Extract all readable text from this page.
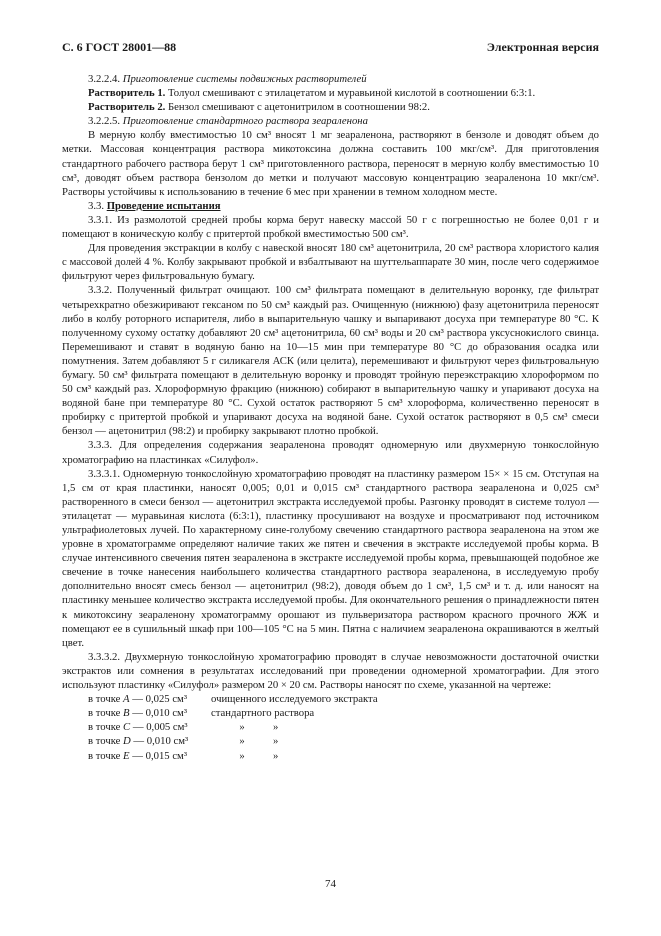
С. 6 ГОСТ 28001—88	Электронная версия

3.2.2.4. Приготовление системы подвижных растворителей

Растворитель 1. Толуол смешивают с этилацетатом и муравьиной кислотой в соотношении 6:3:1.

Растворитель 2. Бензол смешивают с ацетонитрилом в соотношении 98:2.

3.2.2.5. Приготовление стандартного раствора зеараленона

В мерную колбу вместимостью 10 см³ вносят 1 мг зеараленона, растворяют в бензоле и доводят объем до метки. Массовая концентрация раствора микотоксина должна составить 100 мкг/см³. Для приготовления стандартного рабочего раствора берут 1 см³ приготовленного раствора, переносят в мерную колбу вместимостью 10 см³, доводят объем раствора бензолом до метки и получают массовую концентрацию зеараленона 10 мкг/см³. Растворы устойчивы к использованию в течение 6 мес при хранении в темном холодном месте.

3.3. Проведение испытания

3.3.1. Из размолотой средней пробы корма берут навеску массой 50 г с погрешностью не более 0,01 г и помещают в коническую колбу с притертой пробкой вместимостью 500 см³.

Для проведения экстракции в колбу с навеской вносят 180 см³ ацетонитрила, 20 см³ раствора хлористого калия с массовой долей 4 %. Колбу закрывают пробкой и взбалтывают на шуттельаппарате 30 мин, после чего содержимое фильтруют через фильтровальную бумагу.

3.3.2. Полученный фильтрат очищают. 100 см³ фильтрата помещают в делительную воронку, где фильтрат четырехкратно обезжиривают гексаном по 50 см³ каждый раз. Очищенную (нижнюю) фазу ацетонитрила переносят либо в колбу роторного испарителя, либо в выпарительную чашку и выпаривают досуха при температуре 80 °С. К полученному сухому остатку добавляют 20 см³ ацетонитрила, 60 см³ воды и 20 см³ раствора уксуснокислого свинца. Перемешивают и ставят в водяную баню на 10—15 мин при температуре 80 °С до образования осадка или помутнения. Затем добавляют 5 г силикагеля АСК (или целита), перемешивают и фильтруют через фильтровальную бумагу. 50 см³ фильтрата помещают в делительную воронку и проводят тройную переэкстракцию хлороформом по 50 см³ каждый раз. Хлороформную фракцию (нижнюю) собирают в выпарительную чашку и упаривают досуха на водяной бане при температуре 80 °С. Сухой остаток растворяют 5 см³ хлороформа, количественно переносят в пробирку с притертой пробкой и упаривают досуха на водяной бане. Сухой остаток растворяют в 0,5 см³ смеси бензол — ацетонитрил (98:2) и пробирку закрывают плотно пробкой.

3.3.3. Для определения содержания зеараленона проводят одномерную или двухмерную тонкослойную хроматографию на пластинках «Силуфол».

3.3.3.1. Одномерную тонкослойную хроматографию проводят на пластинку размером 15× × 15 см. Отступая на 1,5 см от края пластинки, наносят 0,005; 0,01 и 0,015 см³ стандартного раствора зеараленона и 0,025 см³ растворенного в смеси бензол — ацетонитрил экстракта исследуемой пробы. Разгонку проводят в системе толуол — этилацетат — муравьиная кислота (6:3:1), пластинку просушивают на воздухе и просматривают под источником ультрафиолетовых лучей. По характерному сине-голубому свечению стандартного раствора зеараленона на этом же уровне в хроматограмме определяют наличие таких же пятен и свечения в экстракте исследуемой пробы корма. В случае интенсивного свечения пятен зеараленона в экстракте исследуемой пробы корма, превышающей подобное же свечение в точке нанесения наибольшего количества стандартного раствора зеараленона, в исследуемую пробу дополнительно вносят смесь бензол — ацетонитрил (98:2), доводя объем до 1 см³, 1,5 см³ и т. д. или наносят на пластинку меньшее количество экстракта исследуемой пробы. Для окончательного решения о принадлежности пятен к микотоксину зеараленону хроматограмму орошают из пульверизатора раствором красного прочного ЖЖ и помещают ее в сушильный шкаф при 100—105 °С на 5 мин. Пятна с наличием зеараленона окрашиваются в желтый цвет.

3.3.3.2. Двухмерную тонкослойную хроматографию проводят в случае невозможности достаточной очистки экстрактов или сомнения в результатах исследований при проведении одномерной хроматографии. Для этого используют пластинку «Силуфол» размером 20 × 20 см. Растворы наносят по схеме, указанной на чертеже:

в точке A — 0,025 см³	очищенного исследуемого экстракта
в точке B — 0,010 см³	стандартного раствора
в точке C — 0,005 см³	»	»
в точке D — 0,010 см³	»	»
в точке E — 0,015 см³	»	»
74
